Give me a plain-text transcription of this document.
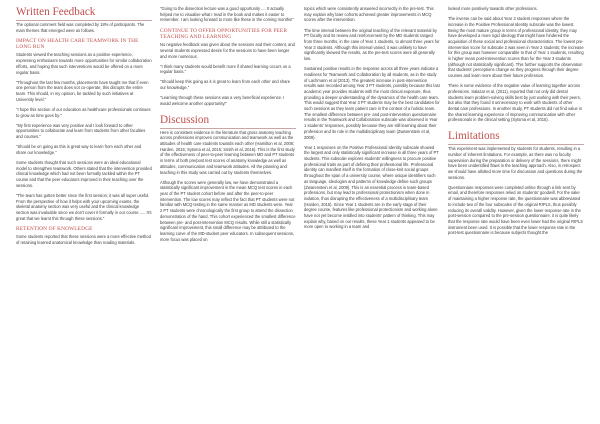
Written Feedback

The optional comment field was completed by 18% of participants. The main themes that emerged were as follows.

IMPACT ON HEALTH CARE TEAMWORK IN THE LONG RUN

Students viewed the teaching sessions as a positive experience, expressing enthusiasm towards more opportunities for similar collaboration efforts, and hoping that such interventions would be offered on a more regular basis.

"Throughout the last few months, placements have taught me that if even one person from the team does not co-operate, this disrupts the entire team. This should, in my opinion, be tackled by such initiatives at University level."

"I hope this section of our education as healthcare professionals continues to grow as time goes by."

"My first experience was very positive and I look forward to other opportunities to collaborate and learn from students from other faculties and courses."

"Should be on going as this is great way to learn from each other and share our knowledge."

Some students thought that such sessions were an ideal educational model to strengthen teamwork. Others stated that the intervention provided clinical knowledge which had not been formally tackled within the PT course and that the peer educators improved in their teaching over the sessions.

"The team has gotten better since the first session; it was all super useful. From the perspective of how it helps with your upcoming exams, the skeletal anatomy section was very useful and the clinical knowledge section was invaluable since we don't cover it formally in our course ..... It's great that we learnt this through these sessions."

RETENTION OF KNOWLEDGE

Some students reported that these sessions were a more effective method of retaining learned anatomical knowledge than reading materials.

"Going to the dissection lecture was a good opportunity .... It actually helped me to visualise what I read in the book and makes it easier to remember. I am looking forward to more like these in the coming months!"

CONTINUE TO OFFER OPPORTUNITIES FOR PEER TEACHING AND LEARNING

No negative feedback was given about the sessions and their content, and several students expressed desire for the sessions to have been longer and more numerous.

"I think many students would benefit more if shared learning occurs on a regular basis."

"Should keep this going as it is great to learn from each other and share our knowledge."

"Learning through these sessions was a very beneficial experience. I would welcome another opportunity!"

Discussion

Here is consistent evidence in the literature that gross anatomy teaching across professions improves communication and teamwork as well as the attitudes of health care students towards each other (Hamilton et al, 2008; Harden, 2015; Sytsma et al, 2015; Smith et al, 2015). This is the first study of the effectiveness of peer-to-peer learning between MD and PT students in terms of both pre/post test scores of anatomy knowledge as well as attitudes, communication and teamwork attitudes. All the planning and teaching in this study was carried out by students themselves.

Although the scores were generally low, we have demonstrated a statistically significant improvement in the mean MCQ test scores in each year of the PT student cohort before and after the peer-to-peer intervention. The low scores may reflect the fact that PT students were not familiar with MCQ testing in the same manner as MD students were. Year 2 PT students were chronologically the first group to attend the dissection demonstration of the hand. This cohort experienced the smallest difference between pre- and post-intervention MCQ results. While still a statistically significant improvement, this small difference may be attributed to the learning curve of the MD-student peer educators. In subsequent sessions, more focus was placed on

topics which were consistently answered incorrectly in the pre-test. This may explain why later cohorts achieved greater improvements in MCQ scores after the intervention.

The time interval between the original teaching of the relevant material by PT faculty and its review and reinforcement by the MD students ranged from three months, in the case of Year 1 students, to almost three years for Year 3 students. Although this interval varied, it was unlikely to have significantly skewed the results, as the pre-test scores were all generally low.

Sustained positive results in the response across all three years indicate a readiness for Teamwork and Collaboration by all students, as in the study of Lachmann et al (2013). The greatest increase in post-intervention results was recorded among Year 3 PT students, possibly because this last academic year provides students with the most clinical exposure, thus providing a deeper understanding of the dynamics of the health care team. This would suggest that Year 3 PT students may be the best candidates for such sessions as they learn patient care in the context of a holistic team. The smallest difference between pre- and post-intervention questionnaire results in the Teamwork and Collaboration subscale was observed in Year 1 students' responses, possibly because they are still learning about their profession and its role in the multidisciplinary team (Zwarenstein et al, 2009).

Year 1 responses on the Positive Professional Identity subscale showed the largest and only statistically significant increase in all three years of PT students. This subscale explores students' willingness to procure positive professional traits as part of defining their professional life. Professional identity can manifest itself in the formation of close-knit social groups throughout the span of a university course, where unique identifiers such as language, ideologies and patterns of knowledge define such groups (Zwarenstein et al, 2009). This is an essential process in team-based professions, but may lead to professional protectionism when done in isolation, thus disrupting the effectiveness of a multidisciplinary team (Harden, 2015). Since Year 1 students are in the early stage of their degree course, features like professional protectionism and working alone have not yet become instilled into students' pattern of thinking. This may explain why, based on our results, these Year 1 students appeared to be more open to working in a team and

looked more positively towards other professions.

The inverse can be said about Year 3 student responses where the increase in the Positive Professional Identity subscale was the lowest. Being the most mature group in terms of professional identity, they may have developed a more rigid ideology that might have hindered the acquisition of these social and professional characteristics. The lowest pre-intervention score for subscale 2 was seen in Year 2 students; the increase for this group was however comparable to that of Year 1 students, resulting in higher mean post-intervention scores than for the Year 3 students (although not statistically significant). This further supports the observation that students' perceptions change as they progress through their degree courses and learn more about their future profession.

There is some evidence of the negative value of learning together across professions. Salazar et al, (2011), reported that not only did dental students learn problem-solving skills best by just working with their peers, but also that they found it unnecessary to work with students of other dental care professions. In another study, PT students did not find value in the shared learning experience of improving communication with other professionals in the clinical setting (Sytsma et al, 2015).

Limitations

This experiment was implemented by students for students, resulting in a number of inherent limitations. For example, as there was no faculty supervision during the preparation or delivery of the sessions, there might have been unidentified flaws in the teaching approach. Also, in retrospect we should have allotted more time for discussion and questions during the sessions.

Questionnaire responses were completed online through a link sent by email, and therefore responses relied on students' goodwill. For the sake of maintaining a higher response rate, the questionnaire was abbreviated to include two of the four subscales of the original RIPLS, thus possibly reducing its overall validity. However, given the lower response rate in the post-session compared to the pre-session questionnaire, it is quite likely that the response rate would have been even lower had the original RIPLS instrument been used. It is possible that the lower response rate in the post-test questionnaire is because subjects thought the
